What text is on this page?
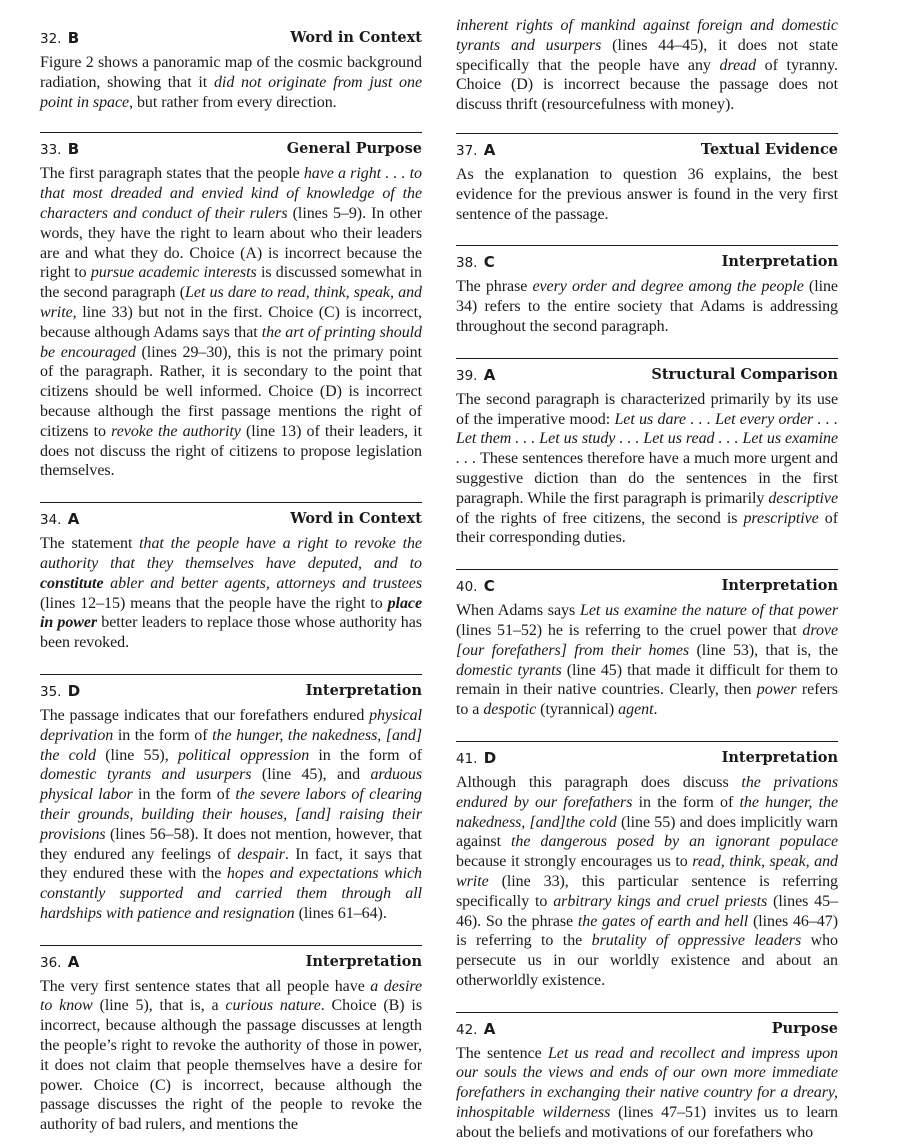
32. B	Word in Context
Figure 2 shows a panoramic map of the cosmic background radiation, showing that it did not originate from just one point in space, but rather from every direction.
33. B	General Purpose
The first paragraph states that the people have a right . . . to that most dreaded and envied kind of knowledge of the characters and conduct of their rulers (lines 5–9). In other words, they have the right to learn about who their leaders are and what they do. Choice (A) is incorrect because the right to pursue academic interests is discussed somewhat in the second paragraph (Let us dare to read, think, speak, and write, line 33) but not in the first. Choice (C) is incorrect, because although Adams says that the art of printing should be encouraged (lines 29–30), this is not the primary point of the paragraph. Rather, it is secondary to the point that citizens should be well informed. Choice (D) is incorrect because although the first passage mentions the right of citizens to revoke the authority (line 13) of their leaders, it does not discuss the right of citizens to propose legislation themselves.
34. A	Word in Context
The statement that the people have a right to revoke the authority that they themselves have deputed, and to constitute abler and better agents, attorneys and trustees (lines 12–15) means that the people have the right to place in power better leaders to replace those whose authority has been revoked.
35. D	Interpretation
The passage indicates that our forefathers endured physical deprivation in the form of the hunger, the nakedness, [and] the cold (line 55), political oppression in the form of domestic tyrants and usurpers (line 45), and arduous physical labor in the form of the severe labors of clearing their grounds, building their houses, [and] raising their provisions (lines 56–58). It does not mention, however, that they endured any feelings of despair. In fact, it says that they endured these with the hopes and expectations which constantly supported and carried them through all hardships with patience and resignation (lines 61–64).
36. A	Interpretation
The very first sentence states that all people have a desire to know (line 5), that is, a curious nature. Choice (B) is incorrect, because although the passage discusses at length the people’s right to revoke the authority of those in power, it does not claim that people themselves have a desire for power. Choice (C) is incorrect, because although the passage discusses the right of the people to revoke the authority of bad rulers, and mentions the
inherent rights of mankind against foreign and domestic tyrants and usurpers (lines 44–45), it does not state specifically that the people have any dread of tyranny. Choice (D) is incorrect because the passage does not discuss thrift (resourcefulness with money).
37. A	Textual Evidence
As the explanation to question 36 explains, the best evidence for the previous answer is found in the very first sentence of the passage.
38. C	Interpretation
The phrase every order and degree among the people (line 34) refers to the entire society that Adams is addressing throughout the second paragraph.
39. A	Structural Comparison
The second paragraph is characterized primarily by its use of the imperative mood: Let us dare . . . Let every order . . . Let them . . . Let us study . . . Let us read . . . Let us examine . . . These sentences therefore have a much more urgent and suggestive diction than do the sentences in the first paragraph. While the first paragraph is primarily descriptive of the rights of free citizens, the second is prescriptive of their corresponding duties.
40. C	Interpretation
When Adams says Let us examine the nature of that power (lines 51–52) he is referring to the cruel power that drove [our forefathers] from their homes (line 53), that is, the domestic tyrants (line 45) that made it difficult for them to remain in their native countries. Clearly, then power refers to a despotic (tyrannical) agent.
41. D	Interpretation
Although this paragraph does discuss the privations endured by our forefathers in the form of the hunger, the nakedness, [and]the cold (line 55) and does implicitly warn against the dangerous posed by an ignorant populace because it strongly encourages us to read, think, speak, and write (line 33), this particular sentence is referring specifically to arbitrary kings and cruel priests (lines 45–46). So the phrase the gates of earth and hell (lines 46–47) is referring to the brutality of oppressive leaders who persecute us in our worldly existence and about an otherworldly existence.
42. A	Purpose
The sentence Let us read and recollect and impress upon our souls the views and ends of our own more immediate forefathers in exchanging their native country for a dreary, inhospitable wilderness (lines 47–51) invites us to learn about the beliefs and motivations of our forefathers who
